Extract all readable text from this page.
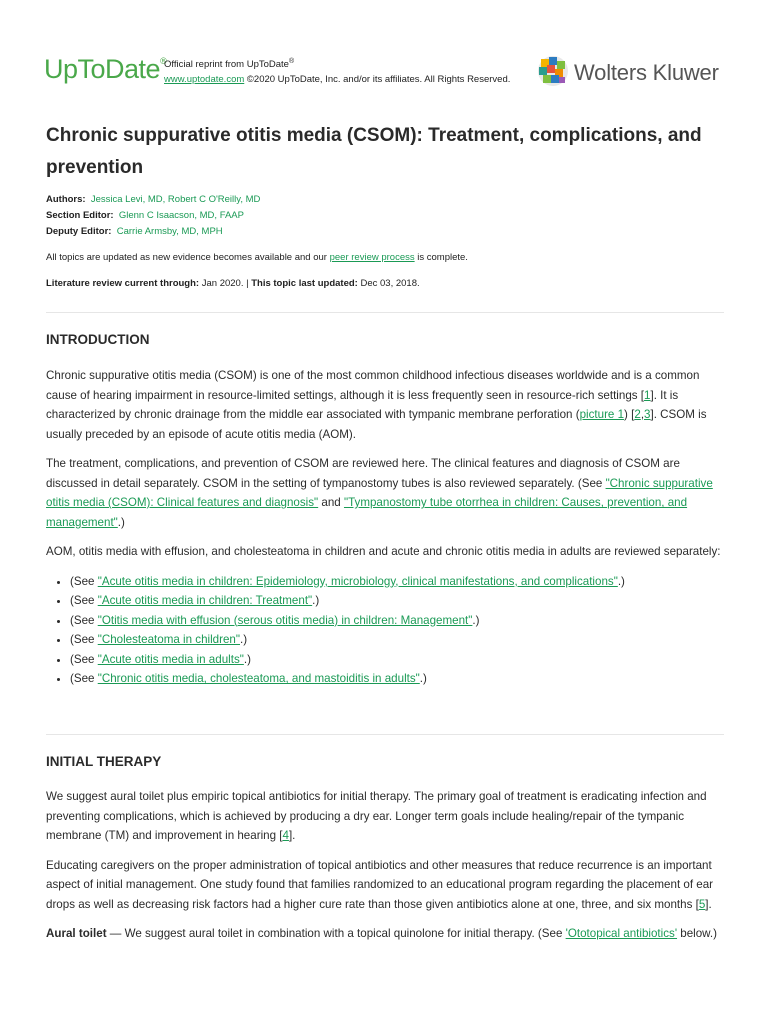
UpToDate®
Official reprint from UpToDate®
www.uptodate.com ©2020 UpToDate, Inc. and/or its affiliates. All Rights Reserved.	Wolters Kluwer
Chronic suppurative otitis media (CSOM): Treatment, complications, and prevention
Authors: Jessica Levi, MD, Robert C O'Reilly, MD
Section Editor: Glenn C Isaacson, MD, FAAP
Deputy Editor: Carrie Armsby, MD, MPH
All topics are updated as new evidence becomes available and our peer review process is complete.
Literature review current through: Jan 2020. | This topic last updated: Dec 03, 2018.
INTRODUCTION

Chronic suppurative otitis media (CSOM) is one of the most common childhood infectious diseases worldwide and is a common cause of hearing impairment in resource-limited settings, although it is less frequently seen in resource-rich settings [1]. It is characterized by chronic drainage from the middle ear associated with tympanic membrane perforation (picture 1) [2,3]. CSOM is usually preceded by an episode of acute otitis media (AOM).

The treatment, complications, and prevention of CSOM are reviewed here. The clinical features and diagnosis of CSOM are discussed in detail separately. CSOM in the setting of tympanostomy tubes is also reviewed separately. (See "Chronic suppurative otitis media (CSOM): Clinical features and diagnosis" and "Tympanostomy tube otorrhea in children: Causes, prevention, and management".)

AOM, otitis media with effusion, and cholesteatoma in children and acute and chronic otitis media in adults are reviewed separately:

• (See "Acute otitis media in children: Epidemiology, microbiology, clinical manifestations, and complications".)
• (See "Acute otitis media in children: Treatment".)
• (See "Otitis media with effusion (serous otitis media) in children: Management".)
• (See "Cholesteatoma in children".)
• (See "Acute otitis media in adults".)
• (See "Chronic otitis media, cholesteatoma, and mastoiditis in adults".)
INITIAL THERAPY

We suggest aural toilet plus empiric topical antibiotics for initial therapy. The primary goal of treatment is eradicating infection and preventing complications, which is achieved by producing a dry ear. Longer term goals include healing/repair of the tympanic membrane (TM) and improvement in hearing [4].

Educating caregivers on the proper administration of topical antibiotics and other measures that reduce recurrence is an important aspect of initial management. One study found that families randomized to an educational program regarding the placement of ear drops as well as decreasing risk factors had a higher cure rate than those given antibiotics alone at one, three, and six months [5].

Aural toilet — We suggest aural toilet in combination with a topical quinolone for initial therapy. (See 'Ototopical antibiotics' below.)
